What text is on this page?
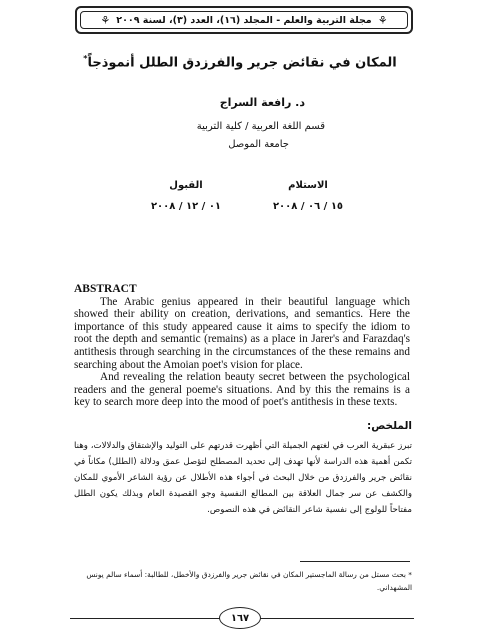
⚘ مجلة التربية والعلم - المجلد (١٦)، العدد (٣)، لسنة ٢٠٠٩ ⚘
المكان في نقائض جرير والفرزدق الطلل أنموذجاً*
د. رافعة السراج
قسم اللغة العربية / كلية التربية
جامعة الموصل
الاستلام
١٥ / ٠٦ / ٢٠٠٨
القبول
٠١ / ١٢ / ٢٠٠٨
ABSTRACT

The Arabic genius appeared in their beautiful language which showed their ability on creation, derivations, and semantics. Here the importance of this study appeared cause it aims to specify the idiom to root the depth and semantic (remains) as a place in Jarer's and Farazdaq's antithesis through searching in the circumstances of the these remains and searching about the Amoian poet's vision for place.

And revealing the relation beauty secret between the psychological readers and the general poeme's situations. And by this the remains is a key to search more deep into the mood of poet's antithesis in these texts.

الملخص:

تبرز عبقرية العرب في لغتهم الجميلة التي أظهرت قدرتهم على التوليد والإشتقاق والدلالات، وهنا تكمن أهمية هذه الدراسة لأنها تهدف إلى تحديد المصطلح لتؤصل عمق ودلالة (الطلل) مكاناً في نقائض جرير والفرزدق من خلال البحث في أجواء هذه الأطلال عن رؤية الشاعر الأموي للمكان والكشف عن سر جمال العلاقة بين المطالع النفسية وجو القصيدة العام وبذلك يكون الطلل مفتاحاً للولوج إلى نفسية شاعر النقائض في هذه النصوص.

* بحث مستل من رسالة الماجستير المكان في نقائض جرير والفرزدق والأخطل، للطالبة: أسماء سالم يونس المشهداني.
١٦٧
